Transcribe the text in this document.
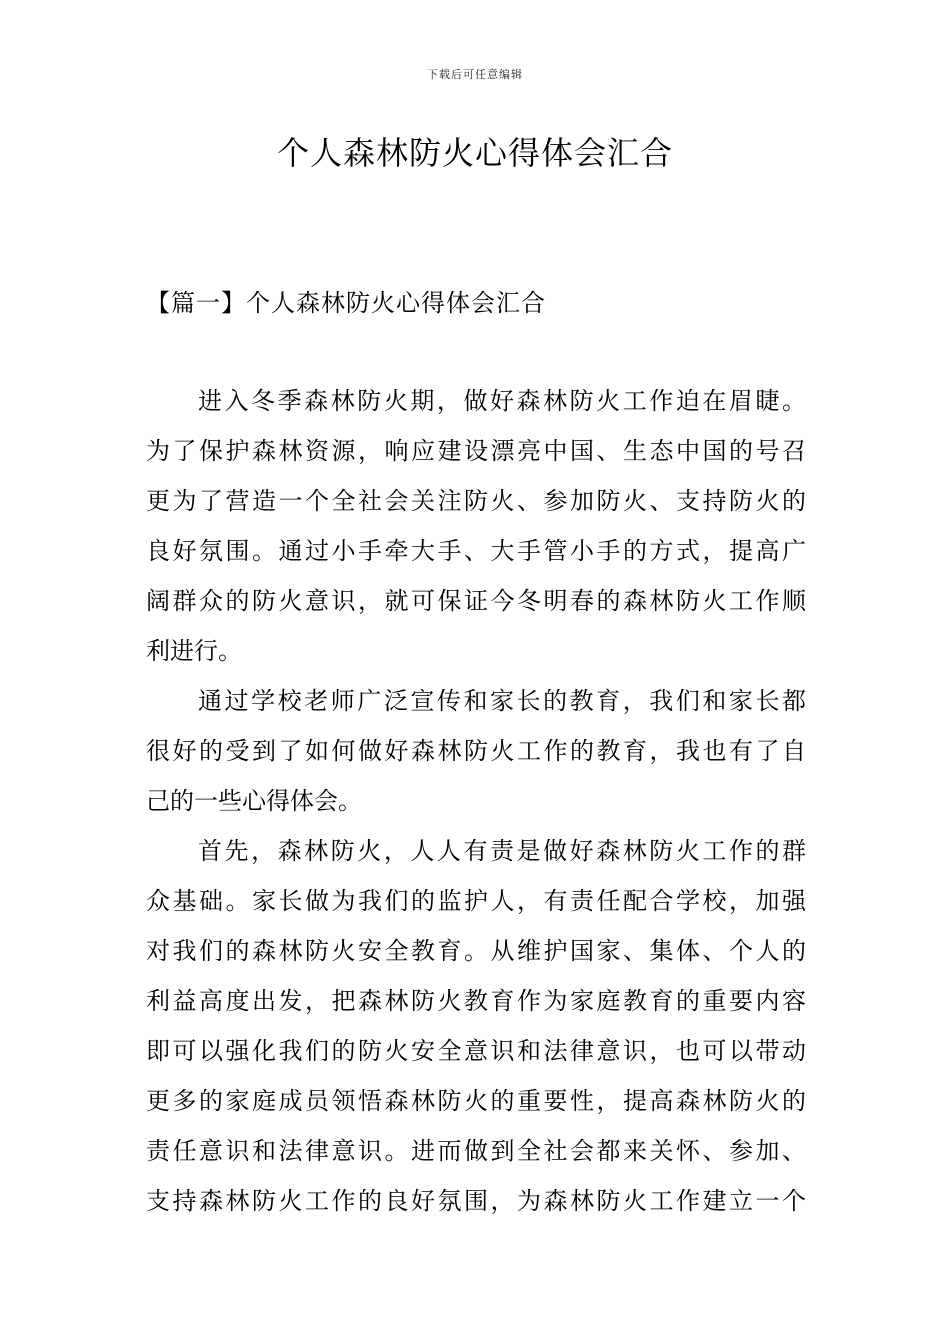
下载后可任意编辑
个人森林防火心得体会汇合
【篇一】个人森林防火心得体会汇合
进入冬季森林防火期，做好森林防火工作迫在眉睫。
为了保护森林资源，响应建设漂亮中国、生态中国的号召
更为了营造一个全社会关注防火、参加防火、支持防火的
良好氛围。通过小手牵大手、大手管小手的方式，提高广
阔群众的防火意识，就可保证今冬明春的森林防火工作顺
利进行。
通过学校老师广泛宣传和家长的教育，我们和家长都
很好的受到了如何做好森林防火工作的教育，我也有了自
己的一些心得体会。
首先，森林防火，人人有责是做好森林防火工作的群
众基础。家长做为我们的监护人，有责任配合学校，加强
对我们的森林防火安全教育。从维护国家、集体、个人的
利益高度出发，把森林防火教育作为家庭教育的重要内容
即可以强化我们的防火安全意识和法律意识，也可以带动
更多的家庭成员领悟森林防火的重要性，提高森林防火的
责任意识和法律意识。进而做到全社会都来关怀、参加、
支持森林防火工作的良好氛围，为森林防火工作建立一个
